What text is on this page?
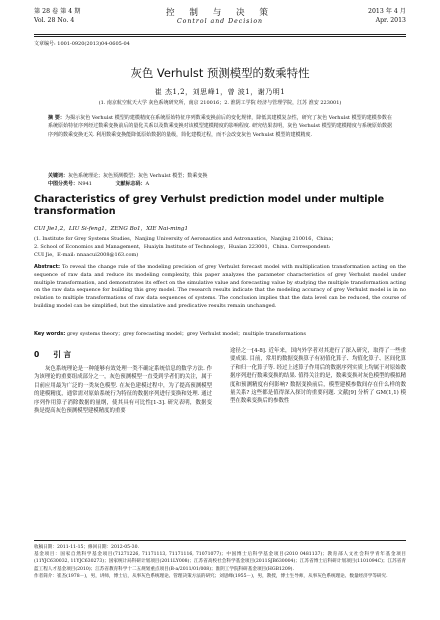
第 28 卷 第 4 期
Vol. 28 No. 4
控 制 与 决 策
Control and Decision
2013 年 4 月
Apr. 2013
文章编号: 1001-0920(2013)04-0605-04
灰色 Verhulst 预测模型的数乘特性
崔 杰1,2，刘思峰1，曾 波1，谢乃明1
(1. 南京航空航天大学 灰色系统研究所，南京 210016；2. 淮阴工学院 经济与管理学院，江苏 淮安 223001)
摘 要：为揭示灰色 Verhulst 模型的建模精度在系统原始特征序列数乘变换前后的变化规律，降低其建模复杂性，研究了灰色 Verhulst 模型的建模参数在系统原始特征序列经过数乘变换前后的量化关系以及数乘变换对该模型建模精度的影响程度. 研究结果表明，灰色 Verhulst 模型的建模精度与系统原始数据序列的数乘变换无关. 利用数乘变换能降低原始数据的量级，简化建模过程，而不会改变灰色 Verhulst 模型的建模精度.
关键词：灰色系统理论；灰色预测模型；灰色 Verhulst 模型；数乘变换
中图分类号：N941	文献标志码：A
Characteristics of grey Verhulst prediction model under multiple transformation
CUI Jie1,2，LIU Si-feng1，ZENG Bo1，XIE Nai-ming1
(1. Institute for Grey Systems Studies，Nanjing University of Aeronautics and Astronautics，Nanjing 210016，China；
2. School of Economics and Management，Huaiyin Institute of Technology，Huaian 223001，China. Correspondent:
CUI Jie，E-mail: nnaacui2008@163.com)
Abstract: To reveal the change rule of the modeling precision of grey Verhulst forecast model with multiplication transformation acting on the sequence of raw data and reduce its modeling complexity, this paper analyzes the parameter characteristics of grey Verhulst model under multiple transformation, and demonstrates its effect on the simulative value and forecasting value by studying the multiple transformation acting on the raw data sequence for building this grey model. The research results indicate that the modeling accuracy of grey Verhulst model is in no relation to multiple transformations of raw data sequences of systems. The conclusion implies that the data level can be reduced, the course of building model can be simplified, but the simulative and predicative results remain unchanged.
Key words: grey systems theory；grey forecasting model；grey Verhulst model；multiple transformations
0 引 言

灰色系统理论是一种能够有效处理一类不确定系统信息的数学方法. 作为该理论的重要组成部分之一，灰色预测模型一直受到学者们的关注，属于目前应用最为广泛的一类灰色模型. 在灰色建模过程中，为了提高预测模型的建模精度，通常需对原始系统行为特征的数据序列进行变换和处理. 通过序列作用算子消除数据的量纲，使其具有可比性[1-3]. 研究表明，数据变换是提高灰色预测模型建模精度的重要

途径之一[4-8]. 近年来，国内外学者对其进行了深入研究，取得了一些重要成果. 目前，常用的数据变换算子有初值化算子、均值化算子、区间化算子和归一化算子等. 经过上述算子作用后的数据序列实质上均属于对原始数据序列进行数乘变换的结果. 值得关注的是，数乘变换对灰色模型的模拟精度和预测精度有何影响? 数据变换前后，模型建模参数间存在什么样的数量关系? 这些都是值得深入探讨的重要问题. 文献[9] 分析了 GM(1,1) 模型在数乘变换后的参数性

收稿日期：2011-11-15；修回日期：2012-05-30.
基金项目：国家自然科学基金项目(71271226, 71171113, 71171116, 71071077)；中国博士后科学基金项目(2010 0481137)；教育部人文社会科学青年基金项目(11YJC630032, 11YJC630273)；国家统计局科研计划项目(2011LY008)；江苏省高校社会科学基金项目(2011SJB630004)；江苏省博士后科研计划项目(1101094C)；江苏省青蓝工程人才基金项目(2010)；江苏省教育科学十二五规划重点项目(B-a/2011/01/008)；淮阴工学院科研基金项目(HGB1209).
作者简介：崔杰(1978－)，男，讲师，博士后，从事灰色系统理论、管理决策方法的研究；刘思峰(1955－)，男，教授，博士生导师，从事灰色系统理论、数量经济学等研究.
